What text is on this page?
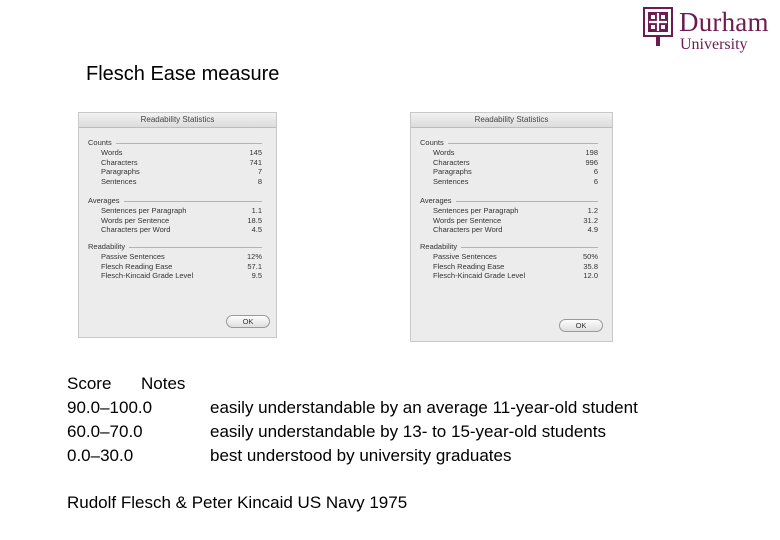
Durham
University
Flesch Ease measure
Readability Statistics
Counts
Words	145
Characters	741
Paragraphs	7
Sentences	8
Averages
Sentences per Paragraph	1.1
Words per Sentence	18.5
Characters per Word	4.5
Readability
Passive Sentences	12%
Flesch Reading Ease	57.1
Flesch-Kincaid Grade Level	9.5
OK
Readability Statistics
Counts
Words	198
Characters	996
Paragraphs	6
Sentences	6
Averages
Sentences per Paragraph	1.2
Words per Sentence	31.2
Characters per Word	4.9
Readability
Passive Sentences	50%
Flesch Reading Ease	35.8
Flesch-Kincaid Grade Level	12.0
OK
Score	Notes
90.0–100.0	easily understandable by an average 11-year-old student
60.0–70.0	easily understandable by 13- to 15-year-old students
0.0–30.0	best understood by university graduates
Rudolf Flesch & Peter Kincaid US Navy 1975
